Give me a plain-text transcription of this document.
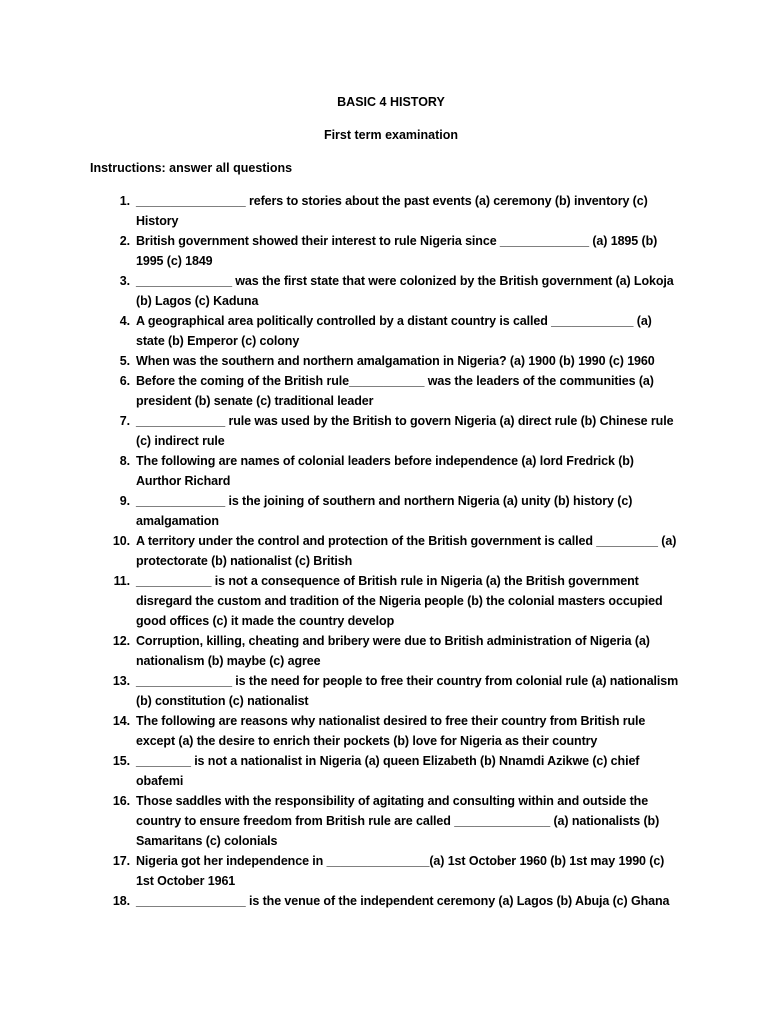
BASIC 4 HISTORY

First term examination

Instructions: answer all questions

1. ________________ refers to stories about the past events (a) ceremony (b) inventory (c) History
2. British government showed their interest to rule Nigeria since _____________ (a) 1895 (b) 1995 (c) 1849
3. ______________ was the first state that were colonized by the British government (a) Lokoja (b) Lagos (c) Kaduna
4. A geographical area politically controlled by a distant country is called ____________ (a) state (b) Emperor (c) colony
5. When was the southern and northern amalgamation in Nigeria? (a) 1900 (b) 1990 (c) 1960
6. Before the coming of the British rule___________ was the leaders of the communities (a) president (b) senate (c) traditional leader
7. _____________ rule was used by the British to govern Nigeria (a) direct rule (b) Chinese rule (c) indirect rule
8. The following are names of colonial leaders before independence (a) lord Fredrick (b) Aurthor Richard
9. _____________ is the joining of southern and northern Nigeria (a) unity (b) history (c) amalgamation
10. A territory under the control and protection of the British government is called _________ (a) protectorate (b) nationalist (c) British
11. ___________ is not a consequence of British rule in Nigeria (a) the British government disregard the custom and tradition of the Nigeria people (b) the colonial masters occupied good offices (c) it made the country develop
12. Corruption, killing, cheating and bribery were due to British administration of Nigeria (a) nationalism (b) maybe (c) agree
13. ______________ is the need for people to free their country from colonial rule (a) nationalism (b) constitution (c) nationalist
14. The following are reasons why nationalist desired to free their country from British rule except (a) the desire to enrich their pockets (b) love for Nigeria as their country
15. ________ is not a nationalist in Nigeria (a) queen Elizabeth (b) Nnamdi Azikwe (c) chief obafemi
16. Those saddles with the responsibility of agitating and consulting within and outside the country to ensure freedom from British rule are called ______________ (a) nationalists (b) Samaritans (c) colonials
17. Nigeria got her independence in _______________(a) 1st October 1960 (b) 1st may 1990 (c) 1st October 1961
18. ________________ is the venue of the independent ceremony (a) Lagos (b) Abuja (c) Ghana
